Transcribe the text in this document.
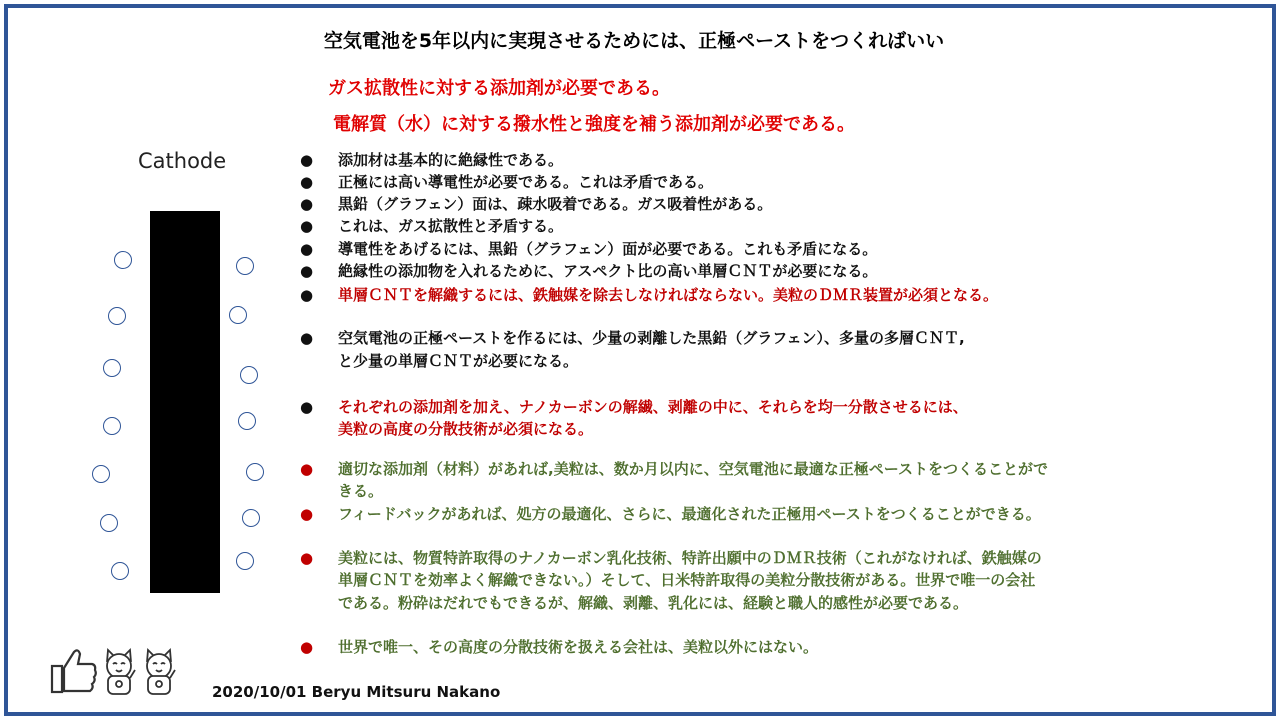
空気電池を5年以内に実現させるためには、正極ペーストをつくればいい
ガス拡散性に対する添加剤が必要である。
電解質（水）に対する撥水性と強度を補う添加剤が必要である。
Cathode	●	添加材は基本的に絶縁性である。
●	正極には高い導電性が必要である。これは矛盾である。
●	黒鉛（グラフェン）面は、疎水吸着である。ガス吸着性がある。
●	これは、ガス拡散性と矛盾する。
●	導電性をあげるには、黒鉛（グラフェン）面が必要である。これも矛盾になる。
●	絶縁性の添加物を入れるために、アスペクト比の高い単層ＣＮＴが必要になる。
●	単層ＣＮＴを解織するには、鉄触媒を除去しなければならない。美粒のＤＭＲ装置が必須となる。
●	空気電池の正極ペーストを作るには、少量の剥離した黒鉛（グラフェン）、多量の多層ＣＮＴ,
と少量の単層ＣＮＴが必要になる。
●	それぞれの添加剤を加え、ナノカーボンの解繊、剥離の中に、それらを均一分散させるには、
美粒の高度の分散技術が必須になる。
●	適切な添加剤（材料）があれば,美粒は、数か月以内に、空気電池に最適な正極ペーストをつくることがで
きる。
●	フィードバックがあれば、処方の最適化、さらに、最適化された正極用ペーストをつくることができる。
●	美粒には、物質特許取得のナノカーボン乳化技術、特許出願中のＤＭＲ技術（これがなければ、鉄触媒の
単層ＣＮＴを効率よく解織できない。）そして、日米特許取得の美粒分散技術がある。世界で唯一の会社
である。粉砕はだれでもできるが、解織、剥離、乳化には、経験と職人的感性が必要である。
●	世界で唯一、その高度の分散技術を扱える会社は、美粒以外にはない。
2020/10/01 Beryu Mitsuru Nakano
